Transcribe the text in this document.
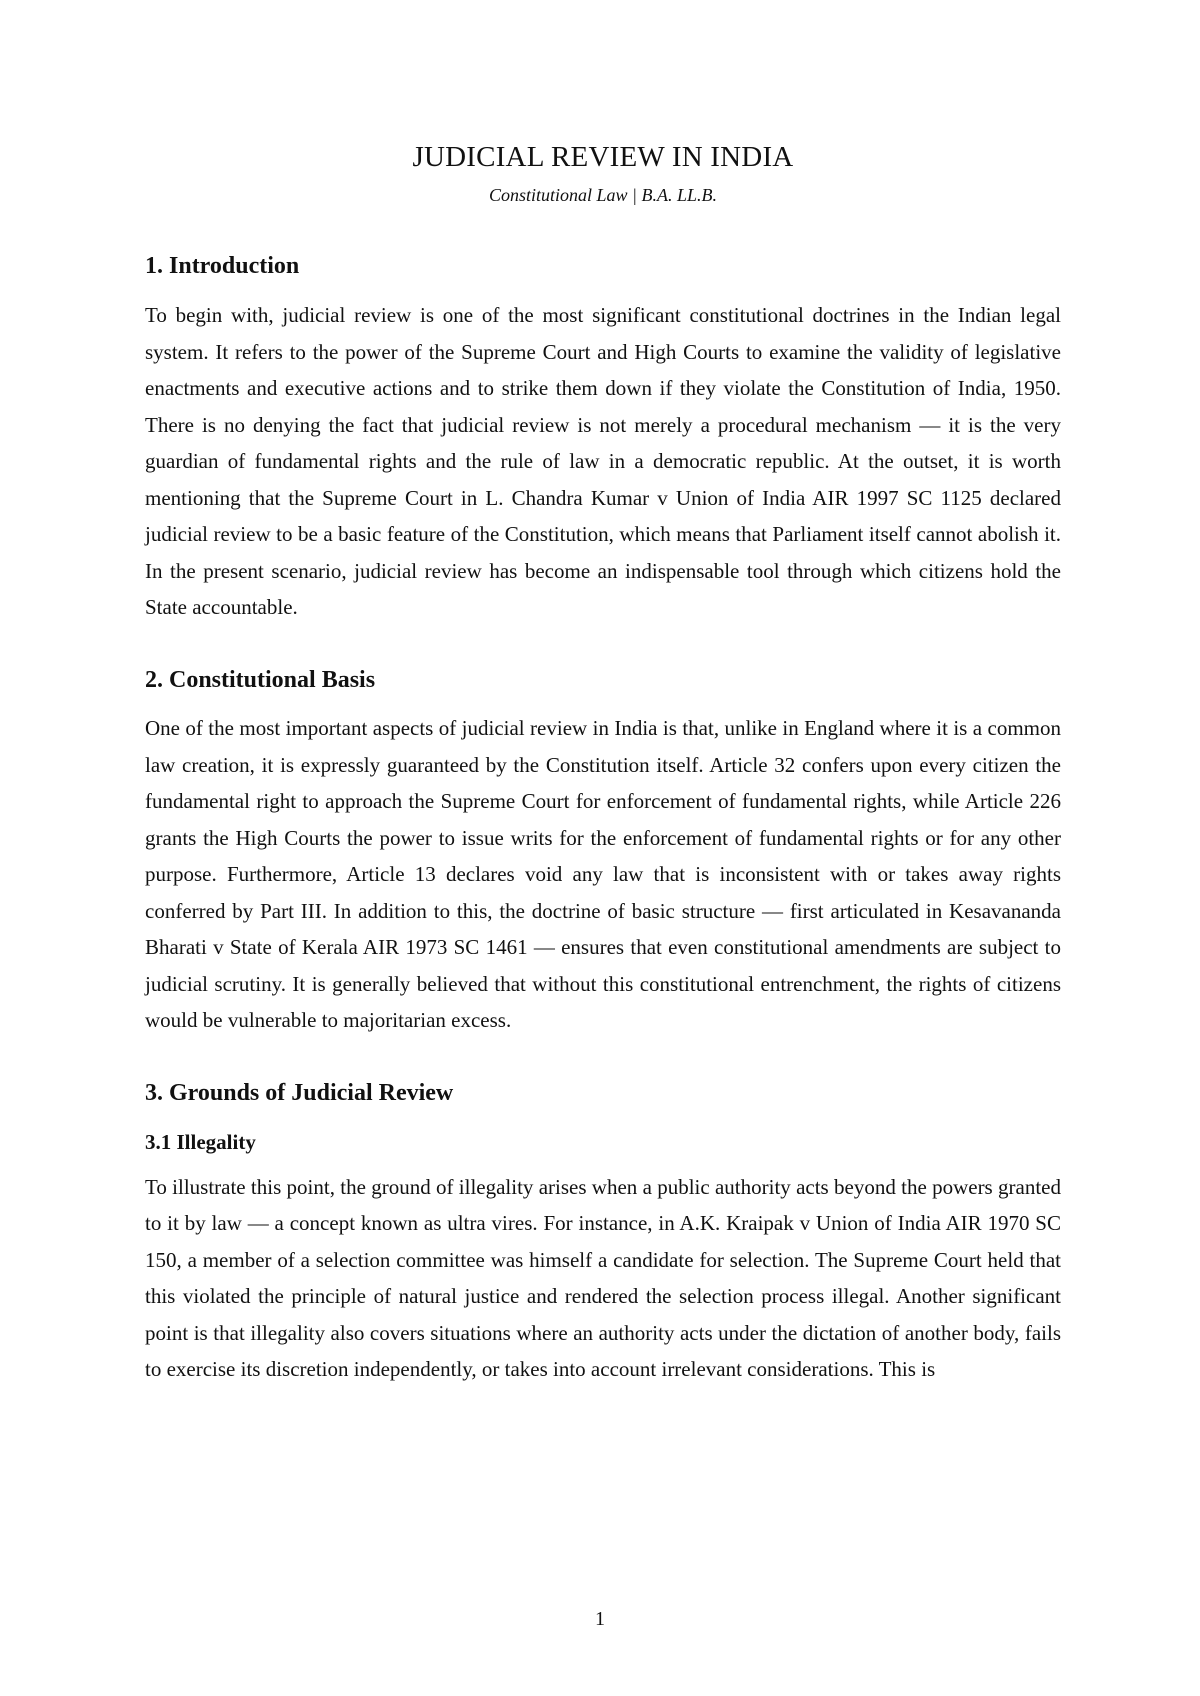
JUDICIAL REVIEW IN INDIA

Constitutional Law | B.A. LL.B.

1. Introduction

To begin with, judicial review is one of the most significant constitutional doctrines in the Indian legal system. It refers to the power of the Supreme Court and High Courts to examine the validity of legislative enactments and executive actions and to strike them down if they violate the Constitution of India, 1950. There is no denying the fact that judicial review is not merely a procedural mechanism — it is the very guardian of fundamental rights and the rule of law in a democratic republic. At the outset, it is worth mentioning that the Supreme Court in L. Chandra Kumar v Union of India AIR 1997 SC 1125 declared judicial review to be a basic feature of the Constitution, which means that Parliament itself cannot abolish it. In the present scenario, judicial review has become an indispensable tool through which citizens hold the State accountable.

2. Constitutional Basis

One of the most important aspects of judicial review in India is that, unlike in England where it is a common law creation, it is expressly guaranteed by the Constitution itself. Article 32 confers upon every citizen the fundamental right to approach the Supreme Court for enforcement of fundamental rights, while Article 226 grants the High Courts the power to issue writs for the enforcement of fundamental rights or for any other purpose. Furthermore, Article 13 declares void any law that is inconsistent with or takes away rights conferred by Part III. In addition to this, the doctrine of basic structure — first articulated in Kesavananda Bharati v State of Kerala AIR 1973 SC 1461 — ensures that even constitutional amendments are subject to judicial scrutiny. It is generally believed that without this constitutional entrenchment, the rights of citizens would be vulnerable to majoritarian excess.

3. Grounds of Judicial Review
3.1 Illegality

To illustrate this point, the ground of illegality arises when a public authority acts beyond the powers granted to it by law — a concept known as ultra vires. For instance, in A.K. Kraipak v Union of India AIR 1970 SC 150, a member of a selection committee was himself a candidate for selection. The Supreme Court held that this violated the principle of natural justice and rendered the selection process illegal. Another significant point is that illegality also covers situations where an authority acts under the dictation of another body, fails to exercise its discretion independently, or takes into account irrelevant considerations. This is

1
